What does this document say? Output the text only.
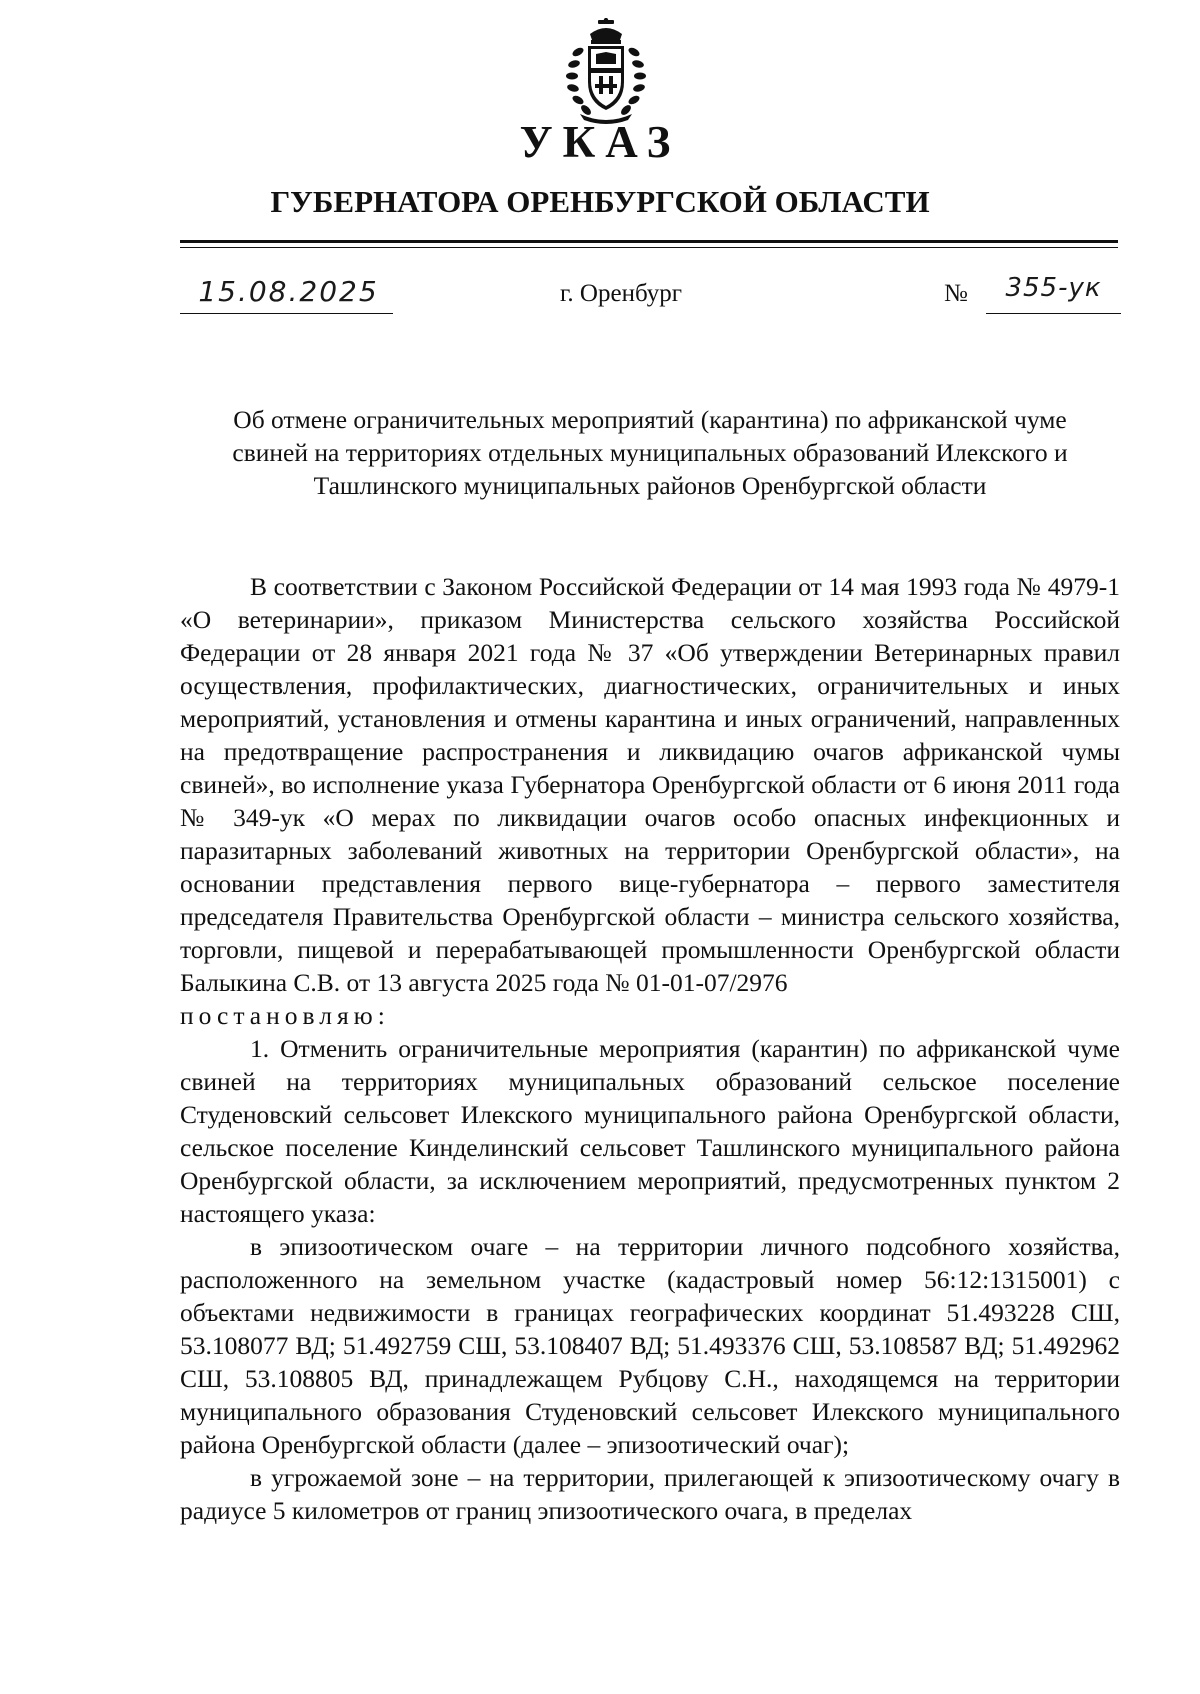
УКАЗ
ГУБЕРНАТОРА ОРЕНБУРГСКОЙ ОБЛАСТИ
15.08.2025	г. Оренбург	№	355-ук
Об отмене ограничительных мероприятий (карантина) по африканской чуме
свиней на территориях отдельных муниципальных образований Илекского и
Ташлинского муниципальных районов Оренбургской области

В соответствии с Законом Российской Федерации от 14 мая 1993 года № 4979-1 «О ветеринарии», приказом Министерства сельского хозяйства Российской Федерации от 28 января 2021 года № 37 «Об утверждении Ветеринарных правил осуществления, профилактических, диагностических, ограничительных и иных мероприятий, установления и отмены карантина и иных ограничений, направленных на предотвращение распространения и ликвидацию очагов африканской чумы свиней», во исполнение указа Губернатора Оренбургской области от 6 июня 2011 года № 349-ук «О мерах по ликвидации очагов особо опасных инфекционных и паразитарных заболеваний животных на территории Оренбургской области», на основании представления первого вице-губернатора – первого заместителя председателя Правительства Оренбургской области – министра сельского хозяйства, торговли, пищевой и перерабатывающей промышленности Оренбургской области Балыкина С.В. от 13 августа 2025 года № 01-01-07/2976

постановляю:

1. Отменить ограничительные мероприятия (карантин) по африканской чуме свиней на территориях муниципальных образований сельское поселение Студеновский сельсовет Илекского муниципального района Оренбургской области, сельское поселение Кинделинский сельсовет Ташлинского муниципального района Оренбургской области, за исключением мероприятий, предусмотренных пунктом 2 настоящего указа:

в эпизоотическом очаге – на территории личного подсобного хозяйства, расположенного на земельном участке (кадастровый номер 56:12:1315001) с объектами недвижимости в границах географических координат 51.493228 СШ, 53.108077 ВД; 51.492759 СШ, 53.108407 ВД; 51.493376 СШ, 53.108587 ВД; 51.492962 СШ, 53.108805 ВД, принадлежащем Рубцову С.Н., находящемся на территории муниципального образования Студеновский сельсовет Илекского муниципального района Оренбургской области (далее – эпизоотический очаг);

в угрожаемой зоне – на территории, прилегающей к эпизоотическому очагу в радиусе 5 километров от границ эпизоотического очага, в пределах
